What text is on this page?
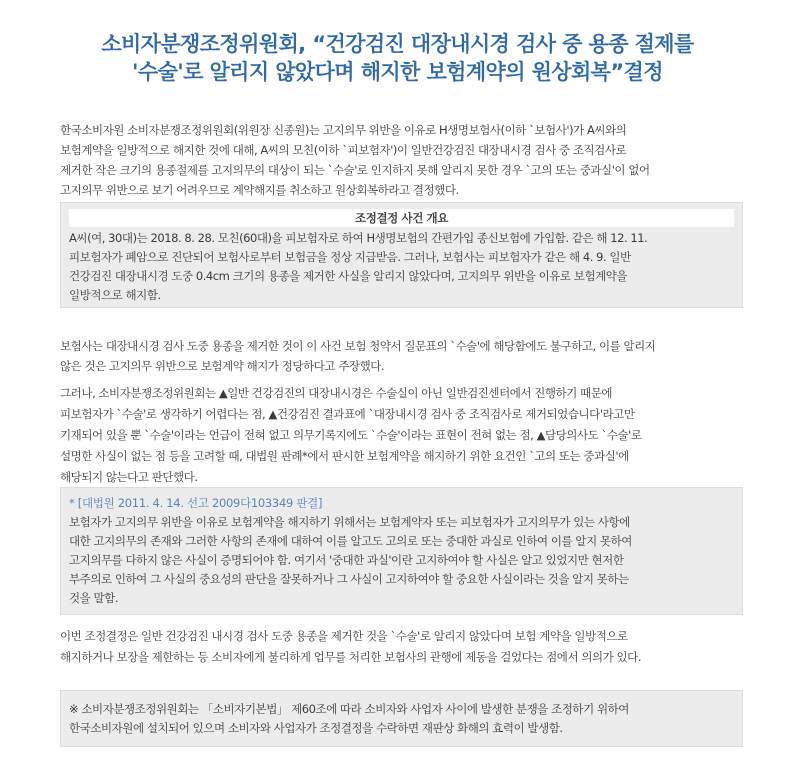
소비자분쟁조정위원회, “건강검진 대장내시경 검사 중 용종 절제를
'수술'로 알리지 않았다며 해지한 보험계약의 원상회복”결정

한국소비자원 소비자분쟁조정위원회(위원장 신종원)는 고지의무 위반을 이유로 H생명보험사(이하 `보험사')가 A씨와의
보험계약을 일방적으로 해지한 것에 대해, A씨의 모친(이하 `피보험자')이 일반건강검진 대장내시경 검사 중 조직검사로
제거한 작은 크기의 용종절제를 고지의무의 대상이 되는 `수술'로 인지하지 못해 알리지 못한 경우 `고의 또는 중과실'이 없어
고지의무 위반으로 보기 어려우므로 계약해지를 취소하고 원상회복하라고 결정했다.

조정결정 사건 개요

A씨(여, 30대)는 2018. 8. 28. 모친(60대)을 피보험자로 하여 H생명보험의 간편가입 종신보험에 가입함. 같은 해 12. 11.
피보험자가 폐암으로 진단되어 보험사로부터 보험금을 정상 지급받음. 그러나, 보험사는 피보험자가 같은 해 4. 9. 일반
건강검진 대장내시경 도중 0.4cm 크기의 용종을 제거한 사실을 알리지 않았다며, 고지의무 위반을 이유로 보험계약을
일방적으로 해지함.

보험사는 대장내시경 검사 도중 용종을 제거한 것이 이 사건 보험 청약서 질문표의 `수술'에 해당함에도 불구하고, 이를 알리지
않은 것은 고지의무 위반으로 보험계약 해지가 정당하다고 주장했다.

그러나, 소비자분쟁조정위원회는 ▲일반 건강검진의 대장내시경은 수술실이 아닌 일반검진센터에서 진행하기 때문에
피보험자가 `수술'로 생각하기 어렵다는 점, ▲건강검진 결과표에 `대장내시경 검사 중 조직검사로 제거되었습니다'라고만
기재되어 있을 뿐 `수술'이라는 언급이 전혀 없고 의무기록지에도 `수술'이라는 표현이 전혀 없는 점, ▲담당의사도 `수술'로
설명한 사실이 없는 점 등을 고려할 때, 대법원 판례*에서 판시한 보험계약을 해지하기 위한 요건인 `고의 또는 중과실'에
해당되지 않는다고 판단했다.

* [대법원 2011. 4. 14. 선고 2009다103349 판결]

보험자가 고지의무 위반을 이유로 보험계약을 해지하기 위해서는 보험계약자 또는 피보험자가 고지의무가 있는 사항에
대한 고지의무의 존재와 그러한 사항의 존재에 대하여 이를 알고도 고의로 또는 중대한 과실로 인하여 이를 알지 못하여
고지의무를 다하지 않은 사실이 증명되어야 함. 여기서 '중대한 과실'이란 고지하여야 할 사실은 알고 있었지만 현저한
부주의로 인하여 그 사실의 중요성의 판단을 잘못하거나 그 사실이 고지하여야 할 중요한 사실이라는 것을 알지 못하는
것을 말함.

이번 조정결정은 일반 건강검진 내시경 검사 도중 용종을 제거한 것을 `수술'로 알리지 않았다며 보험 계약을 일방적으로
해지하거나 보장을 제한하는 등 소비자에게 불리하게 업무를 처리한 보험사의 관행에 제동을 걸었다는 점에서 의의가 있다.

※ 소비자분쟁조정위원회는 「소비자기본법」 제60조에 따라 소비자와 사업자 사이에 발생한 분쟁을 조정하기 위하여
한국소비자원에 설치되어 있으며 소비자와 사업자가 조정결정을 수락하면 재판상 화해의 효력이 발생함.
